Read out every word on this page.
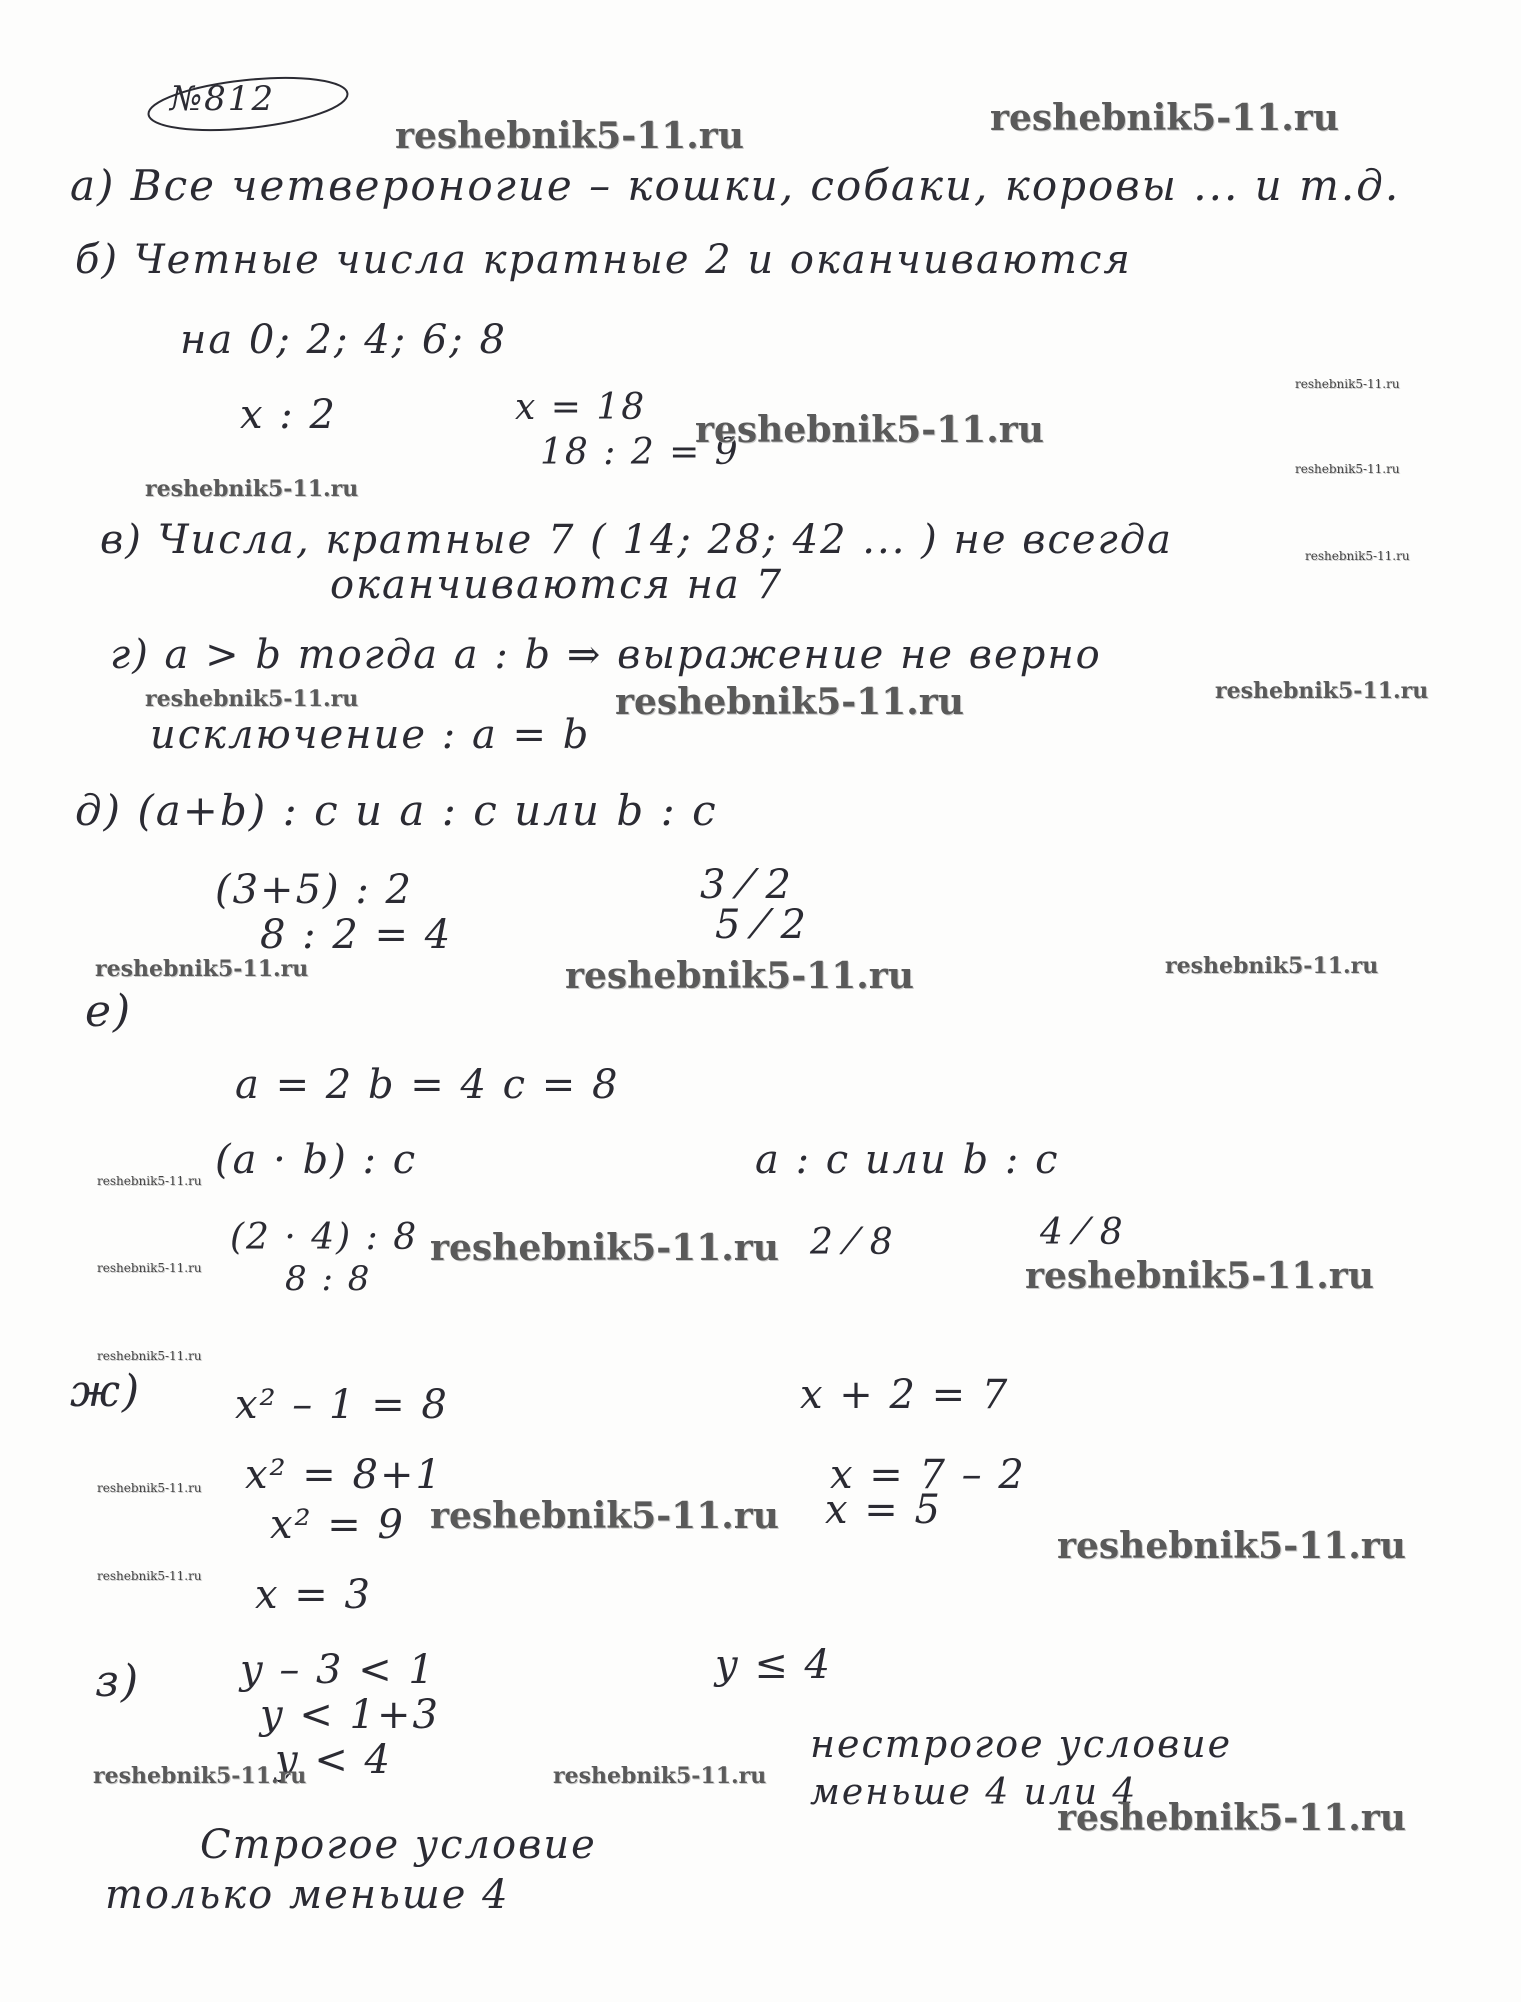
№812
а) Все четвероногие – кошки, собаки, коровы ... и т.д.
б) Четные числа кратные 2 и оканчиваются
на 0; 2; 4; 6; 8
x : 2	x = 18
18 : 2 = 9
в) Числа, кратные 7 ( 14; 28; 42 ... ) не всегда
оканчиваются на 7
г) a > b тогда a : b ⇒ выражение не верно
исключение : a = b
д) (a+b) : c и a : c или b : c
(3+5) : 2
8 : 2 = 4
3 ⁄ 2
5 ⁄ 2
е)
a = 2 b = 4 c = 8
(a · b) : c	a : c или b : c
(2 · 4) : 8
8 : 8
2 ⁄ 8	4 ⁄ 8
ж) x² – 1 = 8
x² = 8+1
x² = 9
x = 3
x + 2 = 7
x = 7 – 2
x = 5
з) y – 3 < 1
y < 1+3
y < 4
y ≤ 4
нестрогое условие
меньше 4 или 4
Строгое условие
только меньше 4
reshebnik5-11.ru	reshebnik5-11.ru
reshebnik5-11.ru
reshebnik5-11.ru
reshebnik5-11.ru
reshebnik5-11.ru
reshebnik5-11.ru
reshebnik5-11.ru	reshebnik5-11.ru	reshebnik5-11.ru
reshebnik5-11.ru	reshebnik5-11.ru	reshebnik5-11.ru
reshebnik5-11.ru
reshebnik5-11.ru	reshebnik5-11.ru
reshebnik5-11.ru
reshebnik5-11.ru
reshebnik5-11.ru
reshebnik5-11.ru
reshebnik5-11.ru
reshebnik5-11.ru
reshebnik5-11.ru	reshebnik5-11.ru
reshebnik5-11.ru
